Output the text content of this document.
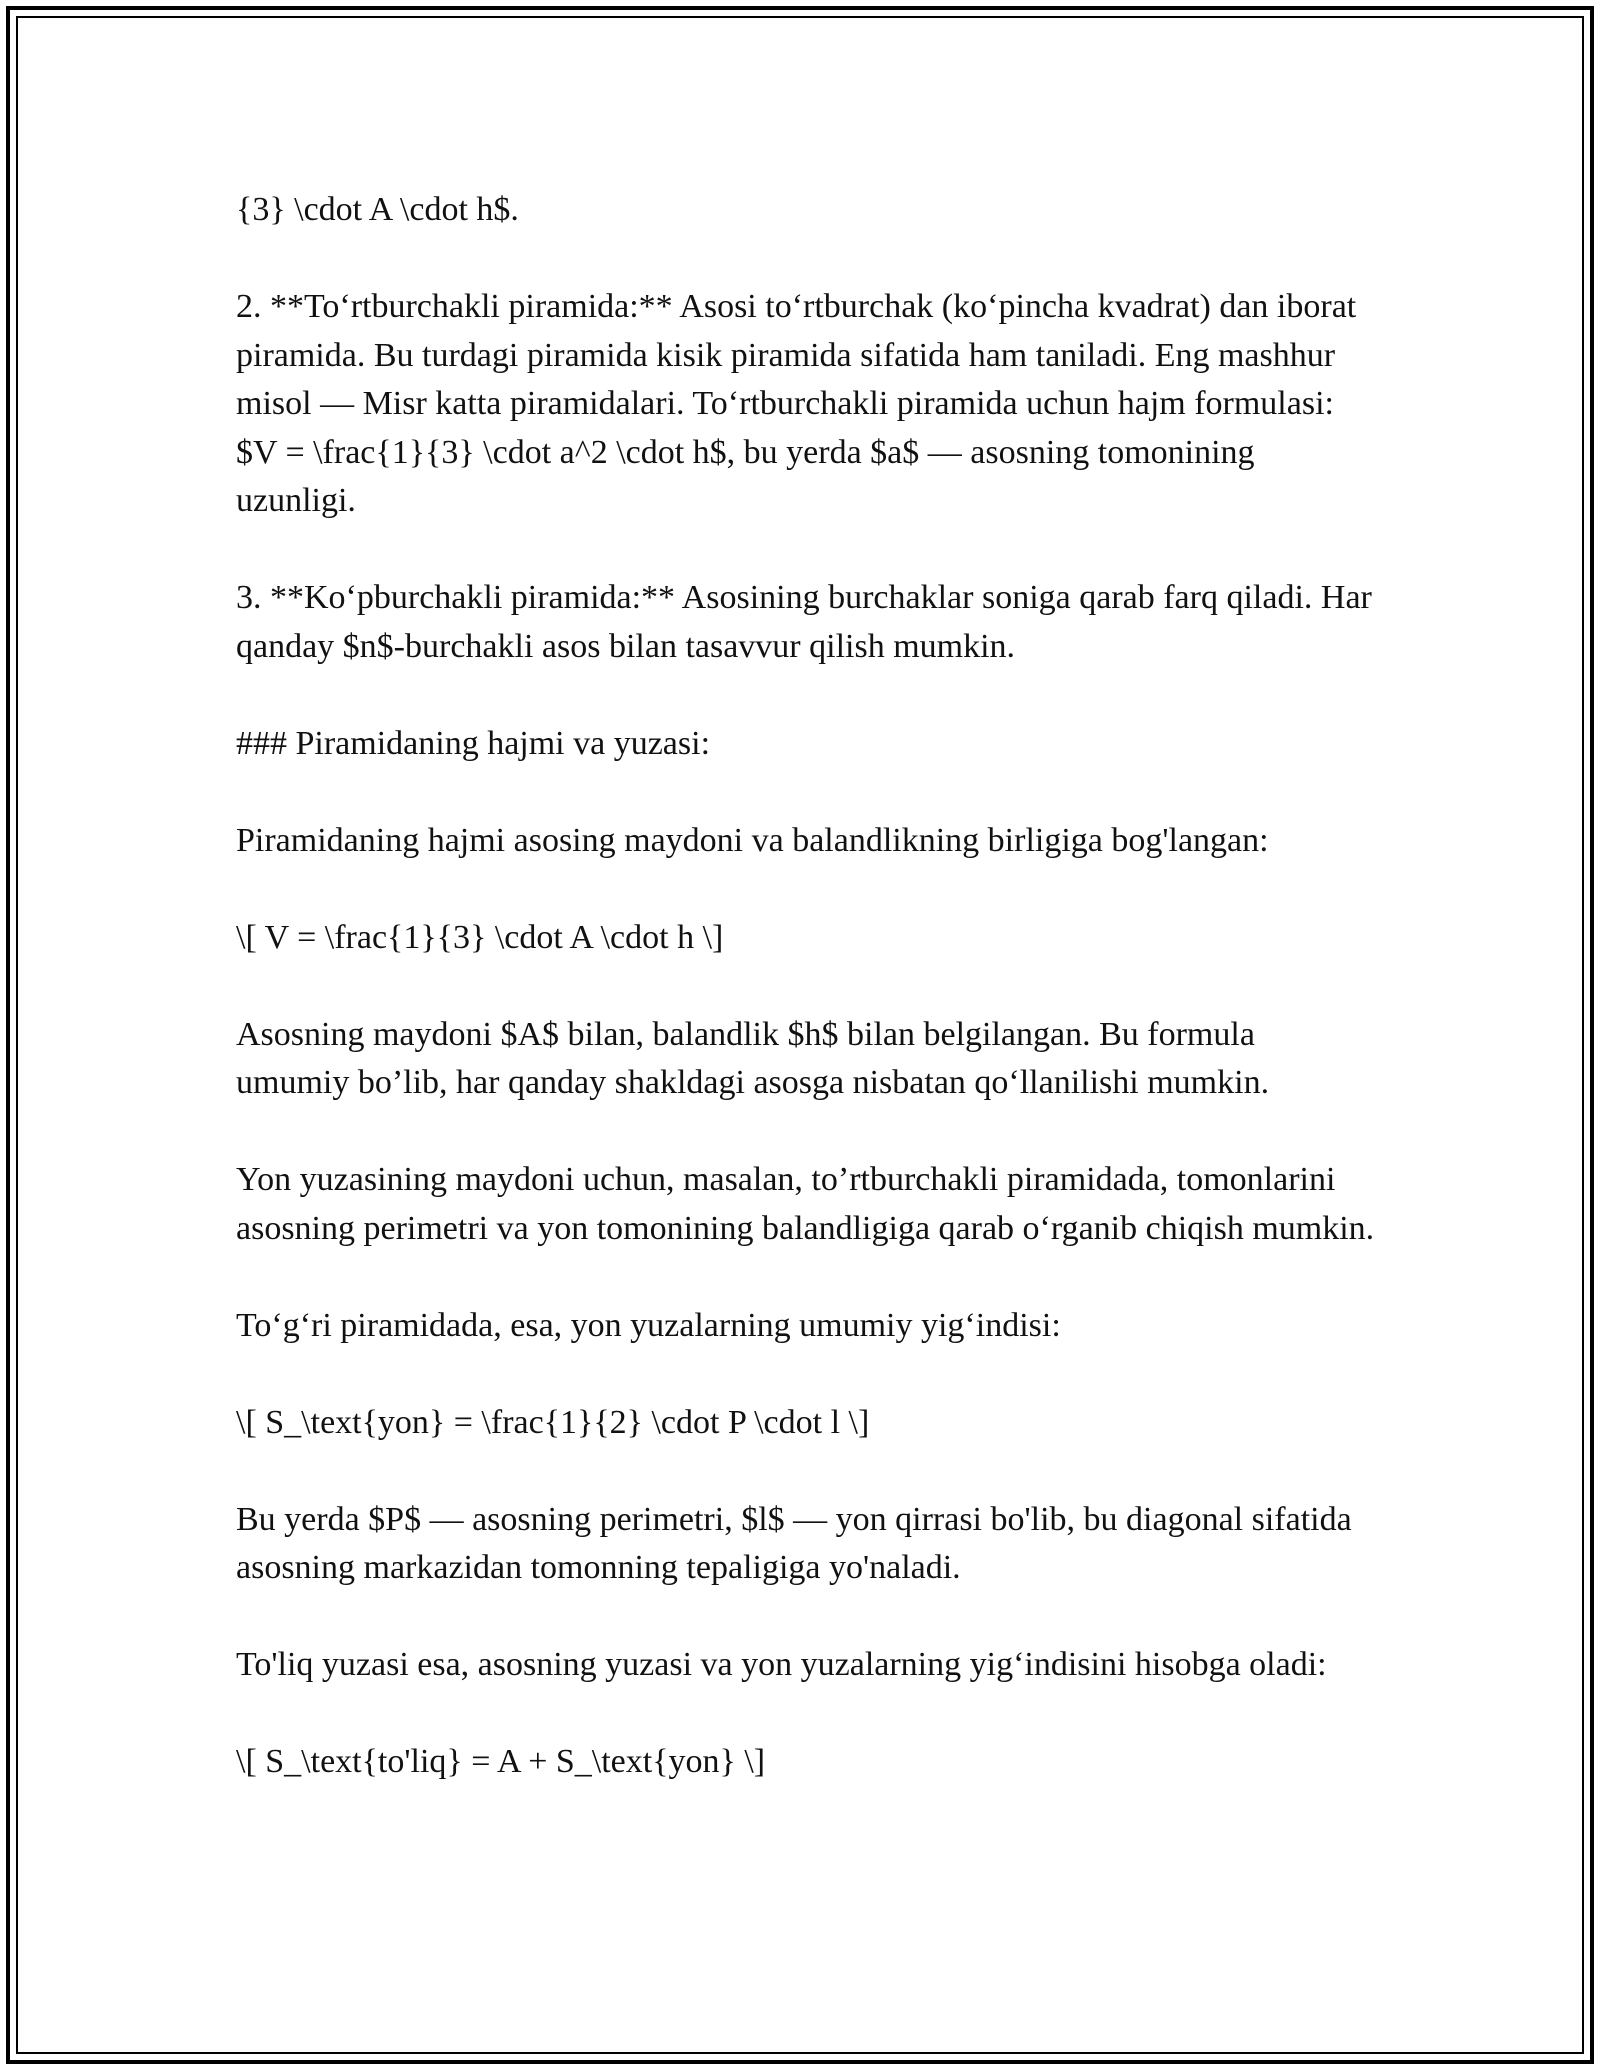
{3} \cdot A \cdot h$.

2. **To‘rtburchakli piramida:** Asosi to‘rtburchak (ko‘pincha kvadrat) dan iborat piramida. Bu turdagi piramida kisik piramida sifatida ham taniladi. Eng mashhur misol — Misr katta piramidalari. To‘rtburchakli piramida uchun hajm formulasi: $V = \frac{1}{3} \cdot a^2 \cdot h$, bu yerda $a$ — asosning tomonining uzunligi.

3. **Ko‘pburchakli piramida:** Asosining burchaklar soniga qarab farq qiladi. Har qanday $n$-burchakli asos bilan tasavvur qilish mumkin.

### Piramidaning hajmi va yuzasi:

Piramidaning hajmi asosing maydoni va balandlikning birligiga bog'langan:

\[ V = \frac{1}{3} \cdot A \cdot h \]

Asosning maydoni $A$ bilan, balandlik $h$ bilan belgilangan. Bu formula umumiy bo’lib, har qanday shakldagi asosga nisbatan qo‘llanilishi mumkin.

Yon yuzasining maydoni uchun, masalan, to’rtburchakli piramidada, tomonlarini asosning perimetri va yon tomonining balandligiga qarab o‘rganib chiqish mumkin.

To‘g‘ri piramidada, esa, yon yuzalarning umumiy yig‘indisi:

\[ S_\text{yon} = \frac{1}{2} \cdot P \cdot l \]

Bu yerda $P$ — asosning perimetri, $l$ — yon qirrasi bo'lib, bu diagonal sifatida asosning markazidan tomonning tepaligiga yo'naladi.

To'liq yuzasi esa, asosning yuzasi va yon yuzalarning yig‘indisini hisobga oladi:

\[ S_\text{to'liq} = A + S_\text{yon} \]
